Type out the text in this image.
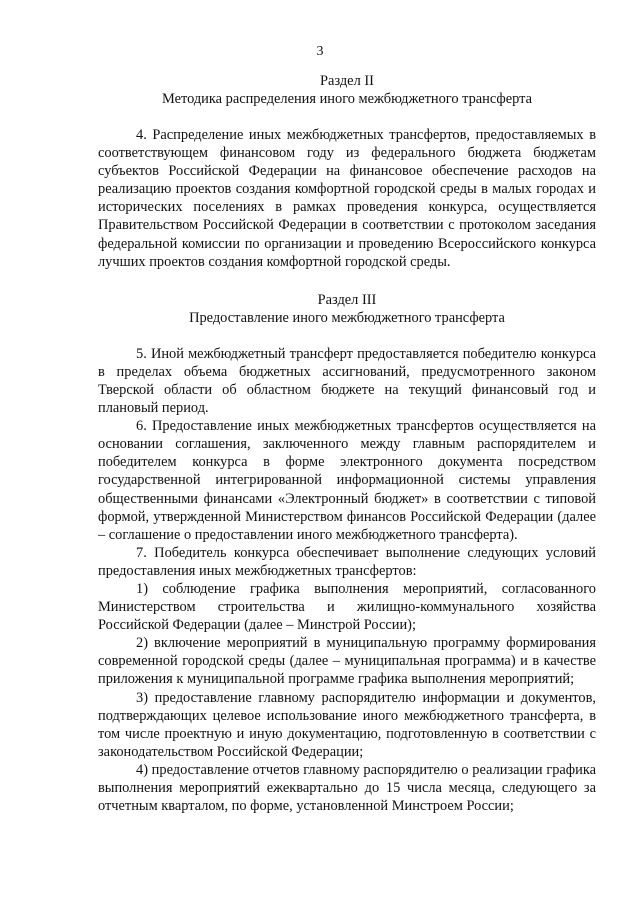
3

Раздел II

Методика распределения иного межбюджетного трансферта

4. Распределение иных межбюджетных трансфертов, предоставляемых в соответствующем финансовом году из федерального бюджета бюджетам субъектов Российской Федерации на финансовое обеспечение расходов на реализацию проектов создания комфортной городской среды в малых городах и исторических поселениях в рамках проведения конкурса, осуществляется Правительством Российской Федерации в соответствии с протоколом заседания федеральной комиссии по организации и проведению Всероссийского конкурса лучших проектов создания комфортной городской среды.

Раздел III

Предоставление иного межбюджетного трансферта

5. Иной межбюджетный трансферт предоставляется победителю конкурса в пределах объема бюджетных ассигнований, предусмотренного законом Тверской области об областном бюджете на текущий финансовый год и плановый период.

6. Предоставление иных межбюджетных трансфертов осуществляется на основании соглашения, заключенного между главным распорядителем и победителем конкурса в форме электронного документа посредством государственной интегрированной информационной системы управления общественными финансами «Электронный бюджет» в соответствии с типовой формой, утвержденной Министерством финансов Российской Федерации (далее – соглашение о предоставлении иного межбюджетного трансферта).

7. Победитель конкурса обеспечивает выполнение следующих условий предоставления иных межбюджетных трансфертов:

1) соблюдение графика выполнения мероприятий, согласованного Министерством строительства и жилищно-коммунального хозяйства Российской Федерации (далее – Минстрой России);

2) включение мероприятий в муниципальную программу формирования современной городской среды (далее – муниципальная программа) и в качестве приложения к муниципальной программе графика выполнения мероприятий;

3) предоставление главному распорядителю информации и документов, подтверждающих целевое использование иного межбюджетного трансферта, в том числе проектную и иную документацию, подготовленную в соответствии с законодательством Российской Федерации;

4) предоставление отчетов главному распорядителю о реализации графика выполнения мероприятий ежеквартально до 15 числа месяца, следующего за отчетным кварталом, по форме, установленной Минстроем России;
